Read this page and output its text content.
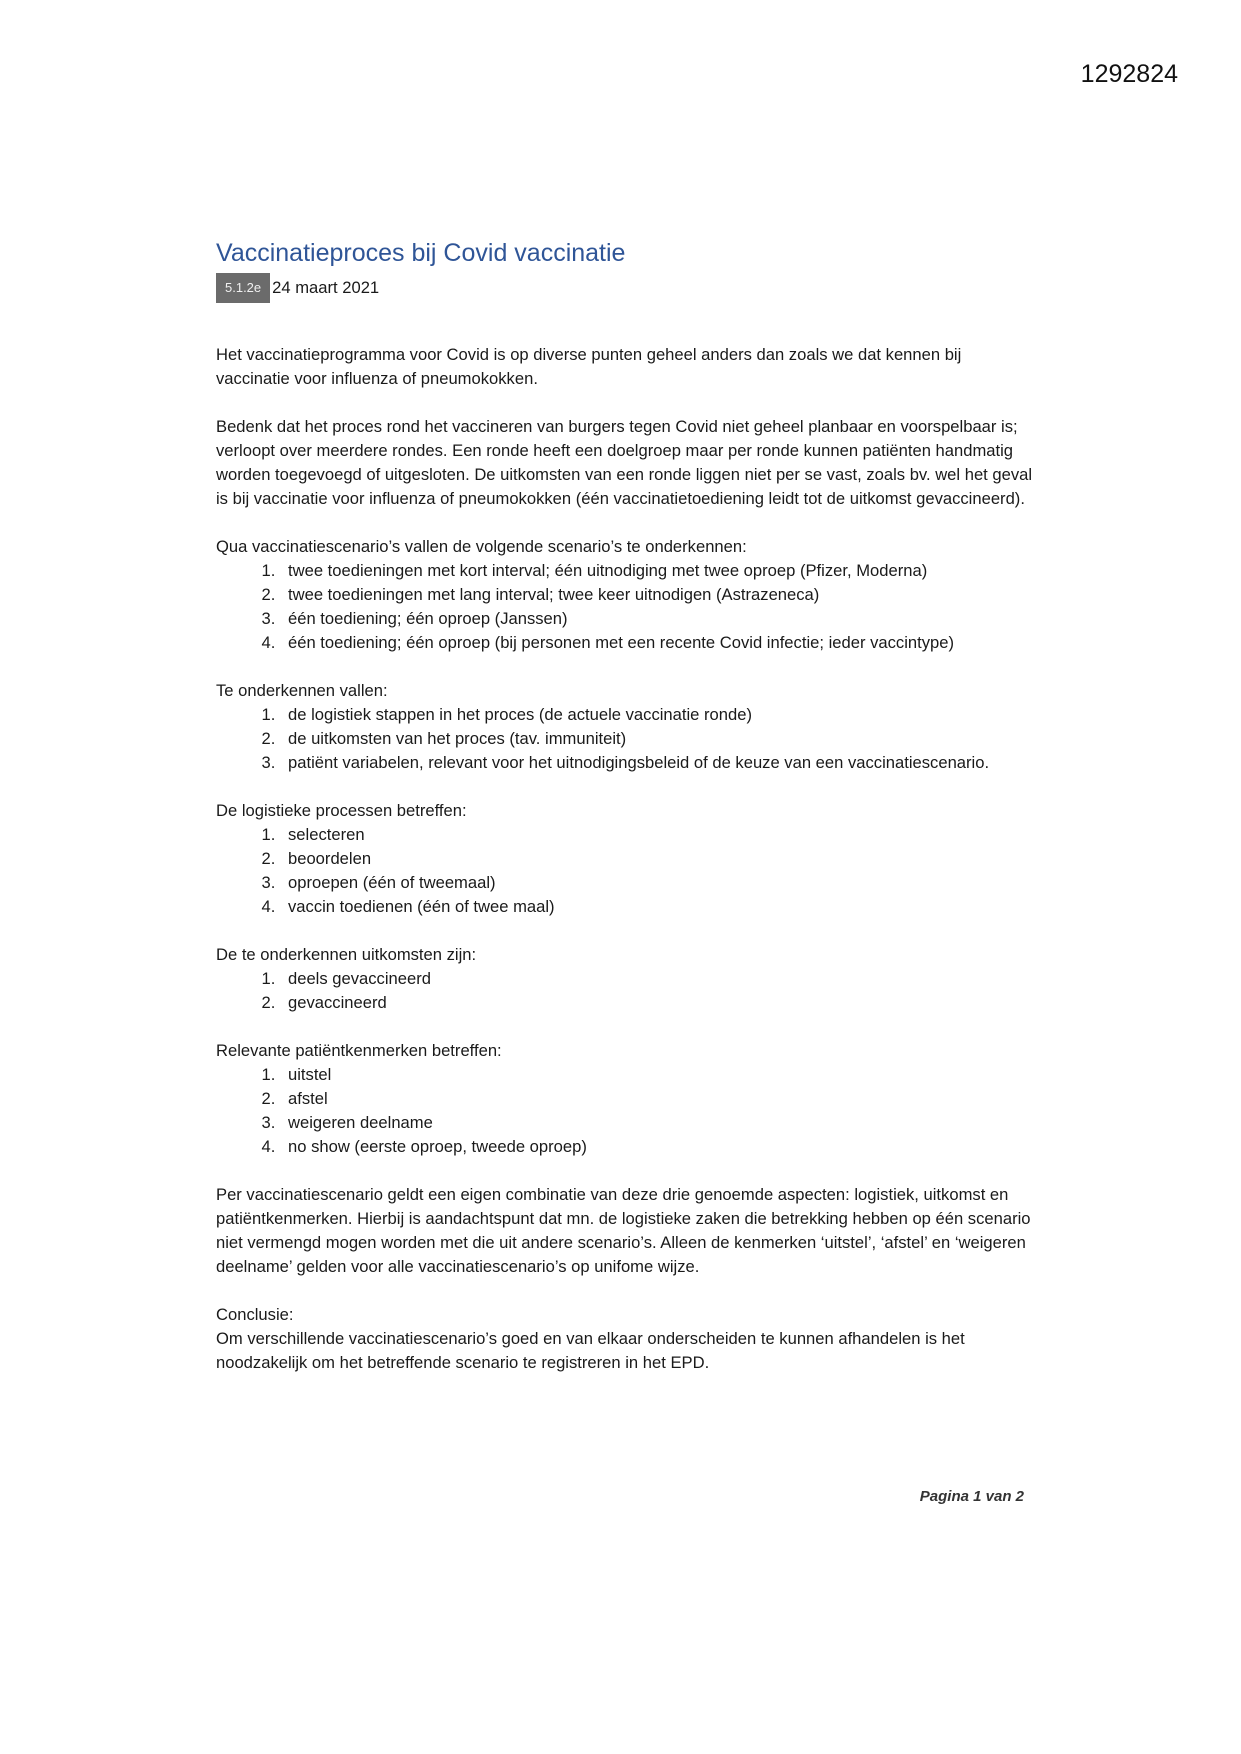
1292824
Vaccinatieproces bij Covid vaccinatie
5.1.2e 24 maart 2021

Het vaccinatieprogramma voor Covid is op diverse punten geheel anders dan zoals we dat kennen bij vaccinatie voor influenza of pneumokokken.

Bedenk dat het proces rond het vaccineren van burgers tegen Covid niet geheel planbaar en voorspelbaar is; verloopt over meerdere rondes. Een ronde heeft een doelgroep maar per ronde kunnen patiënten handmatig worden toegevoegd of uitgesloten. De uitkomsten van een ronde liggen niet per se vast, zoals bv. wel het geval is bij vaccinatie voor influenza of pneumokokken (één vaccinatietoediening leidt tot de uitkomst gevaccineerd).

Qua vaccinatiescenario’s vallen de volgende scenario’s te onderkennen:

1. twee toedieningen met kort interval; één uitnodiging met twee oproep (Pfizer, Moderna)
2. twee toedieningen met lang interval; twee keer uitnodigen (Astrazeneca)
3. één toediening; één oproep (Janssen)
4. één toediening; één oproep (bij personen met een recente Covid infectie; ieder vaccintype)

Te onderkennen vallen:

1. de logistiek stappen in het proces (de actuele vaccinatie ronde)
2. de uitkomsten van het proces (tav. immuniteit)
3. patiënt variabelen, relevant voor het uitnodigingsbeleid of de keuze van een vaccinatiescenario.

De logistieke processen betreffen:

1. selecteren
2. beoordelen
3. oproepen (één of tweemaal)
4. vaccin toedienen (één of twee maal)

De te onderkennen uitkomsten zijn:

1. deels gevaccineerd
2. gevaccineerd

Relevante patiëntkenmerken betreffen:

1. uitstel
2. afstel
3. weigeren deelname
4. no show (eerste oproep, tweede oproep)

Per vaccinatiescenario geldt een eigen combinatie van deze drie genoemde aspecten: logistiek, uitkomst en patiëntkenmerken. Hierbij is aandachtspunt dat mn. de logistieke zaken die betrekking hebben op één scenario niet vermengd mogen worden met die uit andere scenario’s. Alleen de kenmerken ‘uitstel’, ‘afstel’ en ‘weigeren deelname’ gelden voor alle vaccinatiescenario’s op unifome wijze.

Conclusie:

Om verschillende vaccinatiescenario’s goed en van elkaar onderscheiden te kunnen afhandelen is het noodzakelijk om het betreffende scenario te registreren in het EPD.

Pagina 1 van 2
